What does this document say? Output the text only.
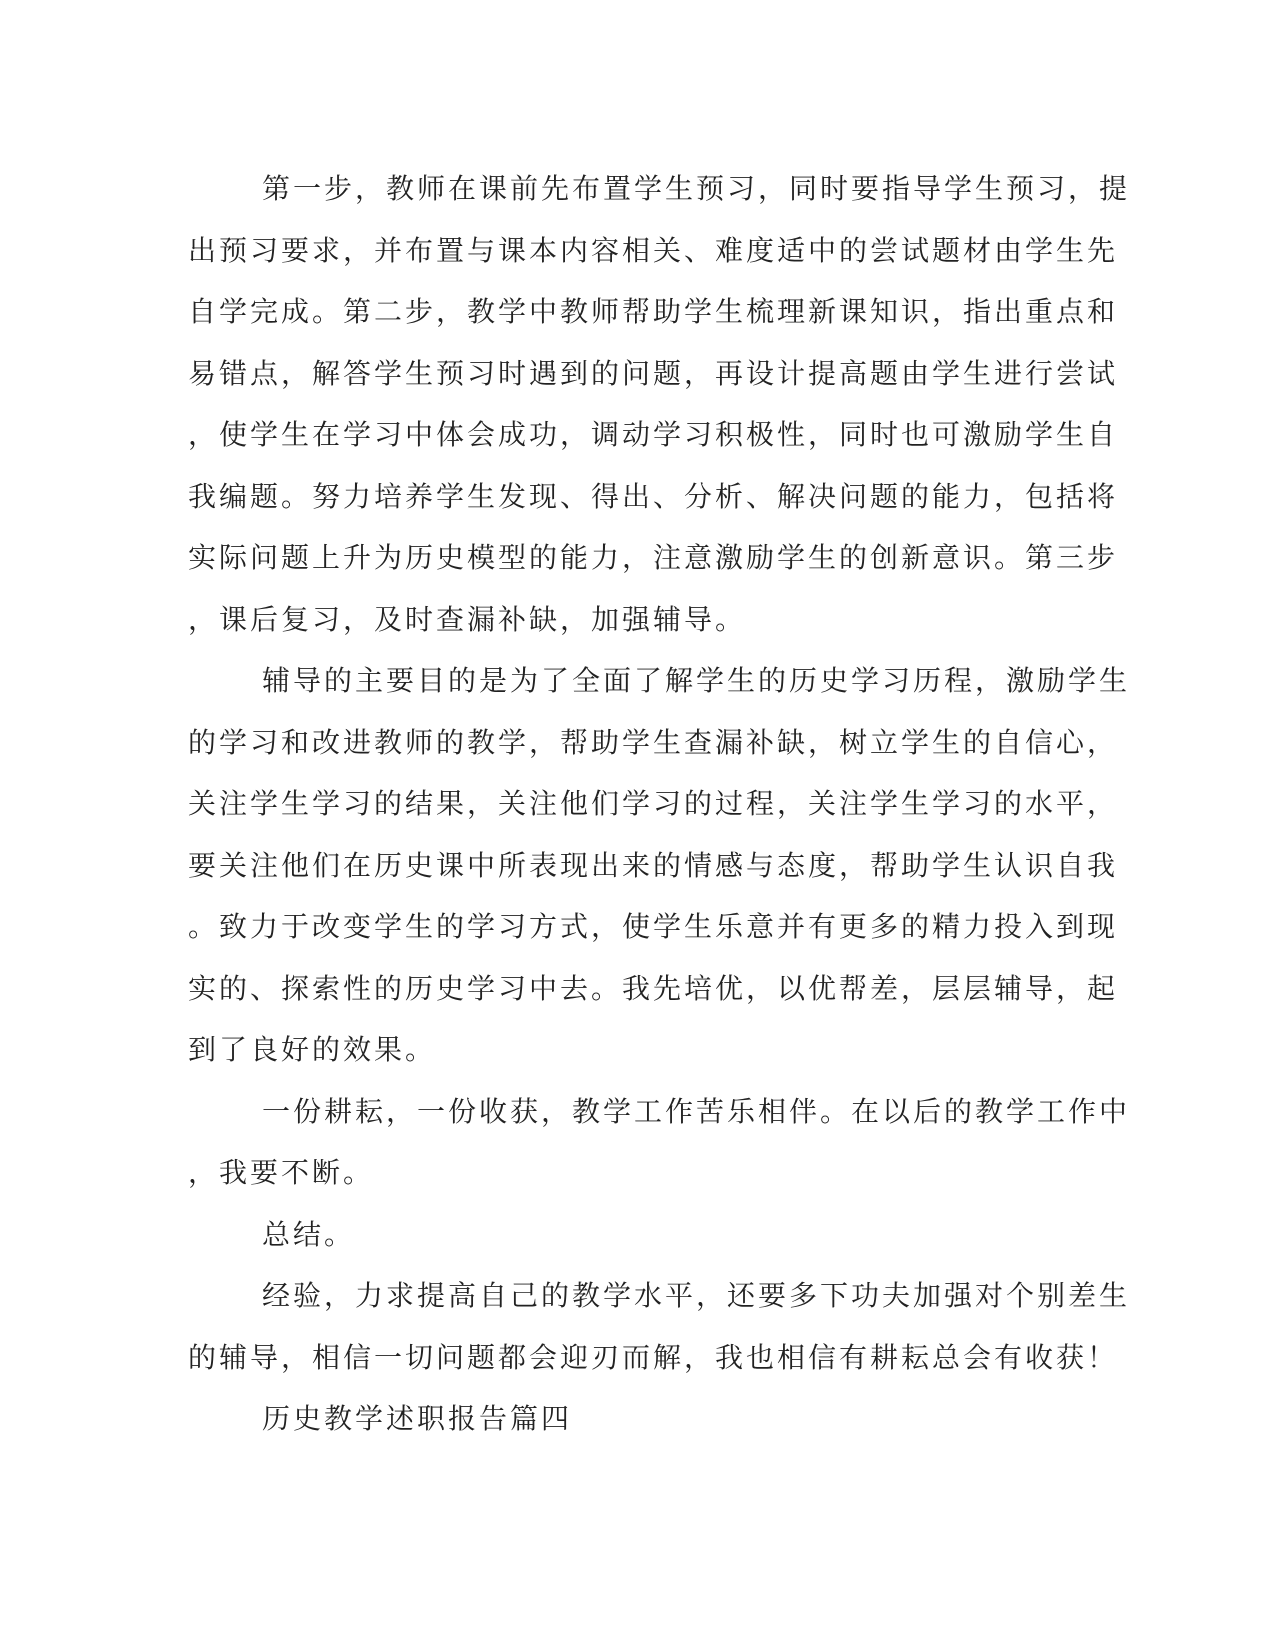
第一步，教师在课前先布置学生预习，同时要指导学生预习，提
出预习要求，并布置与课本内容相关、难度适中的尝试题材由学生先
自学完成。第二步，教学中教师帮助学生梳理新课知识，指出重点和
易错点，解答学生预习时遇到的问题，再设计提高题由学生进行尝试
，使学生在学习中体会成功，调动学习积极性，同时也可激励学生自
我编题。努力培养学生发现、得出、分析、解决问题的能力，包括将
实际问题上升为历史模型的能力，注意激励学生的创新意识。第三步
，课后复习，及时查漏补缺，加强辅导。
辅导的主要目的是为了全面了解学生的历史学习历程，激励学生
的学习和改进教师的教学，帮助学生查漏补缺，树立学生的自信心，
关注学生学习的结果，关注他们学习的过程，关注学生学习的水平，
要关注他们在历史课中所表现出来的情感与态度，帮助学生认识自我
。致力于改变学生的学习方式，使学生乐意并有更多的精力投入到现
实的、探索性的历史学习中去。我先培优，以优帮差，层层辅导，起
到了良好的效果。
一份耕耘，一份收获，教学工作苦乐相伴。在以后的教学工作中
，我要不断。
总结。
经验，力求提高自己的教学水平，还要多下功夫加强对个别差生
的辅导，相信一切问题都会迎刃而解，我也相信有耕耘总会有收获！
历史教学述职报告篇四
